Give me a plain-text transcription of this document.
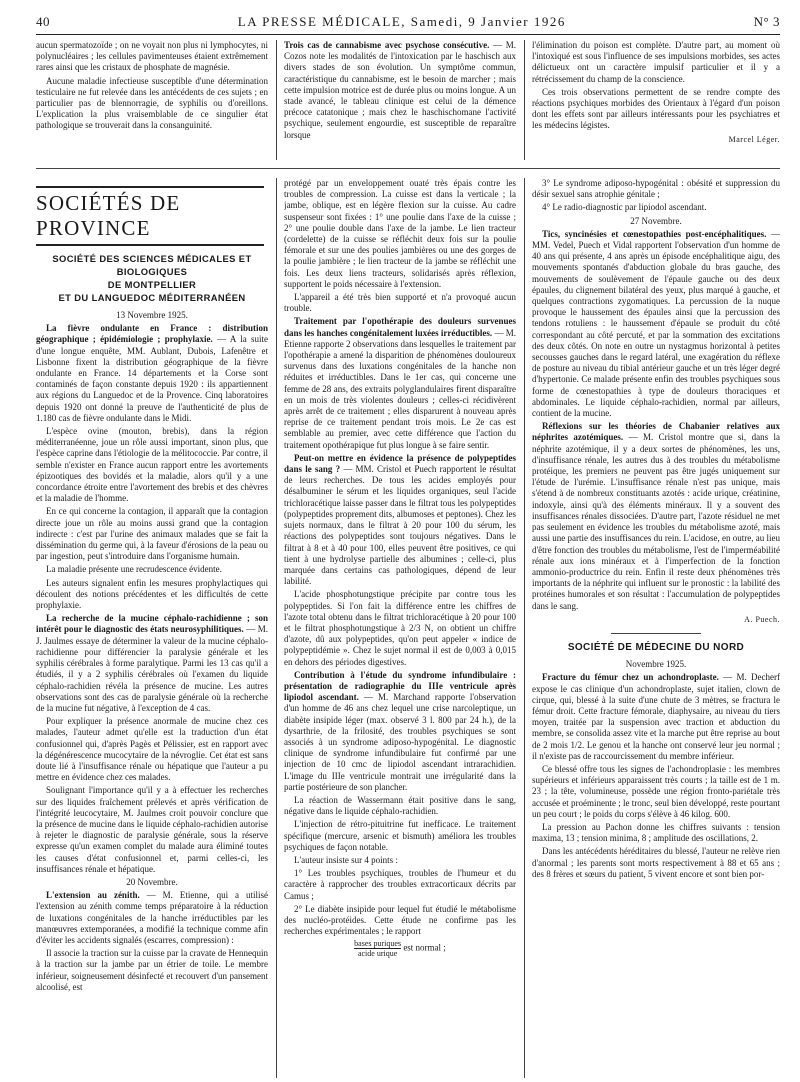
40	LA PRESSE MÉDICALE, Samedi, 9 Janvier 1926	N° 3

aucun spermatozoïde ; on ne voyait non plus ni lymphocytes, ni polynucléaires ; les cellules pavimenteuses étaient extrêmement rares ainsi que les cristaux de phosphate de magnésie.

Aucune maladie infectieuse susceptible d'une détermination testiculaire ne fut relevée dans les antécédents de ces sujets ; en particulier pas de blennorragie, de syphilis ou d'oreillons. L'explication la plus vraisemblable de ce singulier état pathologique se trouverait dans la consanguinité.

Trois cas de cannabisme avec psychose consécutive. — M. Cozos note les modalités de l'intoxication par le haschisch aux divers stades de son évolution. Un symptôme commun, caractéristique du cannabisme, est le besoin de marcher ; mais cette impulsion motrice est de durée plus ou moins longue. A un stade avancé, le tableau clinique est celui de la démence précoce catatonique ; mais chez le haschischomane l'activité psychique, seulement engourdie, est susceptible de reparaître lorsque

l'élimination du poison est complète. D'autre part, au moment où l'intoxiqué est sous l'influence de ses impulsions morbides, ses actes délictueux ont un caractère impulsif particulier et il y a rétrécissement du champ de la conscience.

Ces trois observations permettent de se rendre compte des réactions psychiques morbides des Orientaux à l'égard d'un poison dont les effets sont par ailleurs intéressants pour les psychiatres et les médecins légistes.

Marcel Léger.
SOCIÉTÉS DE PROVINCE
SOCIÉTÉ DES SCIENCES MÉDICALES ET BIOLOGIQUES
DE MONTPELLIER
ET DU LANGUEDOC MÉDITERRANÉEN

13 Novembre 1925.

La fièvre ondulante en France : distribution géographique ; épidémiologie ; prophylaxie. — A la suite d'une longue enquête, MM. Aublant, Dubois, Lafenêtre et Lisbonne fixent la distribution géographique de la fièvre ondulante en France. 14 départements et la Corse sont contaminés de façon constante depuis 1920 : ils appartiennent aux régions du Languedoc et de la Provence. Cinq laboratoires depuis 1920 ont donné la preuve de l'authenticité de plus de 1.180 cas de fièvre ondulante dans le Midi.

L'espèce ovine (mouton, brebis), dans la région méditerranéenne, joue un rôle aussi important, sinon plus, que l'espèce caprine dans l'étiologie de la mélitococcie. Par contre, il semble n'exister en France aucun rapport entre les avortements épizootiques des bovidés et la maladie, alors qu'il y a une concordance étroite entre l'avortement des brebis et des chèvres et la maladie de l'homme.

En ce qui concerne la contagion, il apparaît que la contagion directe joue un rôle au moins aussi grand que la contagion indirecte : c'est par l'urine des animaux malades que se fait la dissémination du germe qui, à la faveur d'érosions de la peau ou par ingestion, peut s'introduire dans l'organisme humain.

La maladie présente une recrudescence évidente.

Les auteurs signalent enfin les mesures prophylactiques qui découlent des notions précédentes et les difficultés de cette prophylaxie.

La recherche de la mucine céphalo-rachidienne ; son intérêt pour le diagnostic des états neurosyphilitiques. — M. J. Jaulmes essaye de déterminer la valeur de la mucine céphalo-rachidienne pour différencier la paralysie générale et les syphilis cérébrales à forme paralytique. Parmi les 13 cas qu'il a étudiés, il y a 2 syphilis cérébrales où l'examen du liquide céphalo-rachidien révéla la présence de mucine. Les autres observations sont des cas de paralysie générale où la recherche de la mucine fut négative, à l'exception de 4 cas.

Pour expliquer la présence anormale de mucine chez ces malades, l'auteur admet qu'elle est la traduction d'un état confusionnel qui, d'après Pagès et Pélissier, est en rapport avec la dégénérescence mucocytaire de la névroglie. Cet état est sans doute lié à l'insuffisance rénale ou hépatique que l'auteur a pu mettre en évidence chez ces malades.

Soulignant l'importance qu'il y a à effectuer les recherches sur des liquides fraîchement prélevés et après vérification de l'intégrité leucocytaire, M. Jaulmes croit pouvoir conclure que la présence de mucine dans le liquide céphalo-rachidien autorise à rejeter le diagnostic de paralysie générale, sous la réserve expresse qu'un examen complet du malade aura éliminé toutes les causes d'état confusionnel et, parmi celles-ci, les insuffisances rénale et hépatique.

20 Novembre.

L'extension au zénith. — M. Etienne, qui a utilisé l'extension au zénith comme temps préparatoire à la réduction de luxations congénitales de la hanche irréductibles par les manœuvres extemporanées, a modifié la technique comme afin d'éviter les accidents signalés (escarres, compression) :

Il associe la traction sur la cuisse par la cravate de Hennequin à la traction sur la jambe par un étrier de toile. Le membre inférieur, soigneusement désinfecté et recouvert d'un pansement alcoolisé, est

protégé par un enveloppement ouaté très épais contre les troubles de compression. La cuisse est dans la verticale ; la jambe, oblique, est en légère flexion sur la cuisse. Au cadre suspenseur sont fixées : 1° une poulie dans l'axe de la cuisse ; 2° une poulie double dans l'axe de la jambe. Le lien tracteur (cordelette) de la cuisse se réfléchit deux fois sur la poulie fémorale et sur une des poulies jambières ou une des gorges de la poulie jambière ; le lien tracteur de la jambe se réfléchit une fois. Les deux liens tracteurs, solidarisés après réflexion, supportent le poids nécessaire à l'extension.

L'appareil a été très bien supporté et n'a provoqué aucun trouble.

Traitement par l'opothérapie des douleurs survenues dans les hanches congénitalement luxées irréductibles. — M. Etienne rapporte 2 observations dans lesquelles le traitement par l'opothérapie a amené la disparition de phénomènes douloureux survenus dans des luxations congénitales de la hanche non réduites et irréductibles. Dans le 1er cas, qui concerne une femme de 28 ans, des extraits polyglandulaires firent disparaître en un mois de très violentes douleurs ; celles-ci récidivèrent après arrêt de ce traitement ; elles disparurent à nouveau après reprise de ce traitement pendant trois mois. Le 2e cas est semblable au premier, avec cette différence que l'action du traitement opothérapique fut plus longue à se faire sentir.

Peut-on mettre en évidence la présence de polypeptides dans le sang ? — MM. Cristol et Puech rapportent le résultat de leurs recherches. De tous les acides employés pour désalbuminer le sérum et les liquides organiques, seul l'acide trichloracétique laisse passer dans le filtrat tous les polypeptides (polypeptides proprement dits, albumoses et peptones). Chez les sujets normaux, dans le filtrat à 20 pour 100 du sérum, les réactions des polypeptides sont toujours négatives. Dans le filtrat à 8 et à 40 pour 100, elles peuvent être positives, ce qui tient à une hydrolyse partielle des albumines ; celle-ci, plus marquée dans certains cas pathologiques, dépend de leur labilité.

L'acide phosphotungstique précipite par contre tous les polypeptides. Si l'on fait la différence entre les chiffres de l'azote total obtenu dans le filtrat trichloracétique à 20 pour 100 et le filtrat phosphotungstique à 2/3 N, on obtient un chiffre d'azote, dû aux polypeptides, qu'on peut appeler « indice de polypeptidémie ». Chez le sujet normal il est de 0,003 à 0,015 en dehors des périodes digestives.

Contribution à l'étude du syndrome infundibulaire : présentation de radiographie du IIIe ventricule après lipiodol ascendant. — M. Marchand rapporte l'observation d'un homme de 46 ans chez lequel une crise narcoleptique, un diabète insipide léger (max. observé 3 l. 800 par 24 h.), de la dysarthrie, de la frilosité, des troubles psychiques se sont associés à un syndrome adiposo-hypogénital. Le diagnostic clinique de syndrome infundibulaire fut confirmé par une injection de 10 cmc de lipiodol ascendant intrarachidien. L'image du IIIe ventricule montrait une irrégularité dans la partie postérieure de son plancher.

La réaction de Wassermann était positive dans le sang, négative dans le liquide céphalo-rachidien.

L'injection de rétro-pituitrine fut inefficace. Le traitement spécifique (mercure, arsenic et bismuth) améliora les troubles psychiques de façon notable.

L'auteur insiste sur 4 points :

1° Les troubles psychiques, troubles de l'humeur et du caractère à rapprocher des troubles extracorticaux décrits par Camus ;

2° Le diabète insipide pour lequel fut étudié le métabolisme des nucléo-protéides. Cette étude ne confirme pas les recherches expérimentales ; le rapport

$\frac{\text{bases puriques}}{\text{acide urique}}$ est normal ;

3° Le syndrome adiposo-hypogénital : obésité et suppression du désir sexuel sans atrophie génitale ;

4° Le radio-diagnostic par lipiodol ascendant.

27 Novembre.

Tics, syncinésies et cœnestopathies post-encéphalitiques. — MM. Vedel, Puech et Vidal rapportent l'observation d'un homme de 40 ans qui présente, 4 ans après un épisode encéphalitique aigu, des mouvements spontanés d'abduction globale du bras gauche, des mouvements de soulèvement de l'épaule gauche ou des deux épaules, du clignement bilatéral des yeux, plus marqué à gauche, et quelques contractions zygomatiques. La percussion de la nuque provoque le haussement des épaules ainsi que la percussion des tendons rotuliens : le haussement d'épaule se produit du côté correspondant au côté percuté, et par la sommation des excitations des deux côtés. On note en outre un nystagmus horizontal à petites secousses gauches dans le regard latéral, une exagération du réflexe de posture au niveau du tibial antérieur gauche et un très léger degré d'hypertonie. Ce malade présente enfin des troubles psychiques sous forme de cœnestopathies à type de douleurs thoraciques et abdominales. Le liquide céphalo-rachidien, normal par ailleurs, contient de la mucine.

Réflexions sur les théories de Chabanier relatives aux néphrites azotémiques. — M. Cristol montre que si, dans la néphrite azotémique, il y a deux sortes de phénomènes, les uns, d'insuffisance rénale, les autres dus à des troubles du métabolisme protéique, les premiers ne peuvent pas être jugés uniquement sur l'étude de l'urémie. L'insuffisance rénale n'est pas unique, mais s'étend à de nombreux constituants azotés : acide urique, créatinine, indoxyle, ainsi qu'à des éléments minéraux. Il y a souvent des insuffisances rénales dissociées. D'autre part, l'azote résiduel ne met pas seulement en évidence les troubles du métabolisme azoté, mais aussi une partie des insuffisances du rein. L'acidose, en outre, au lieu d'être fonction des troubles du métabolisme, l'est de l'imperméabilité rénale aux ions minéraux et à l'imperfection de la fonction ammonio-productrice du rein. Enfin il reste deux phénomènes très importants de la néphrite qui influent sur le pronostic : la labilité des protéines humorales et son résultat : l'accumulation de polypeptides dans le sang.

A. Puech.
SOCIÉTÉ DE MÉDECINE DU NORD

Novembre 1925.

Fracture du fémur chez un achondroplaste. — M. Decherf expose le cas clinique d'un achondroplaste, sujet italien, clown de cirque, qui, blessé à la suite d'une chute de 3 mètres, se fractura le fémur droit. Cette fracture fémorale, diaphysaire, au niveau du tiers moyen, traitée par la suspension avec traction et abduction du membre, se consolida assez vite et la marche put être reprise au bout de 2 mois 1/2. Le genou et la hanche ont conservé leur jeu normal ; il n'existe pas de raccourcissement du membre inférieur.

Ce blessé offre tous les signes de l'achondroplasie : les membres supérieurs et inférieurs apparaissent très courts ; la taille est de 1 m. 23 ; la tête, volumineuse, possède une région fronto-pariétale très accusée et proéminente ; le tronc, seul bien développé, reste pourtant un peu court ; le poids du corps s'élève à 46 kilog. 600.

La pression au Pachon donne les chiffres suivants : tension maxima, 13 ; tension minima, 8 ; amplitude des oscillations, 2.

Dans les antécédents héréditaires du blessé, l'auteur ne relève rien d'anormal ; les parents sont morts respectivement à 88 et 65 ans ; des 8 frères et sœurs du patient, 5 vivent encore et sont bien por-
